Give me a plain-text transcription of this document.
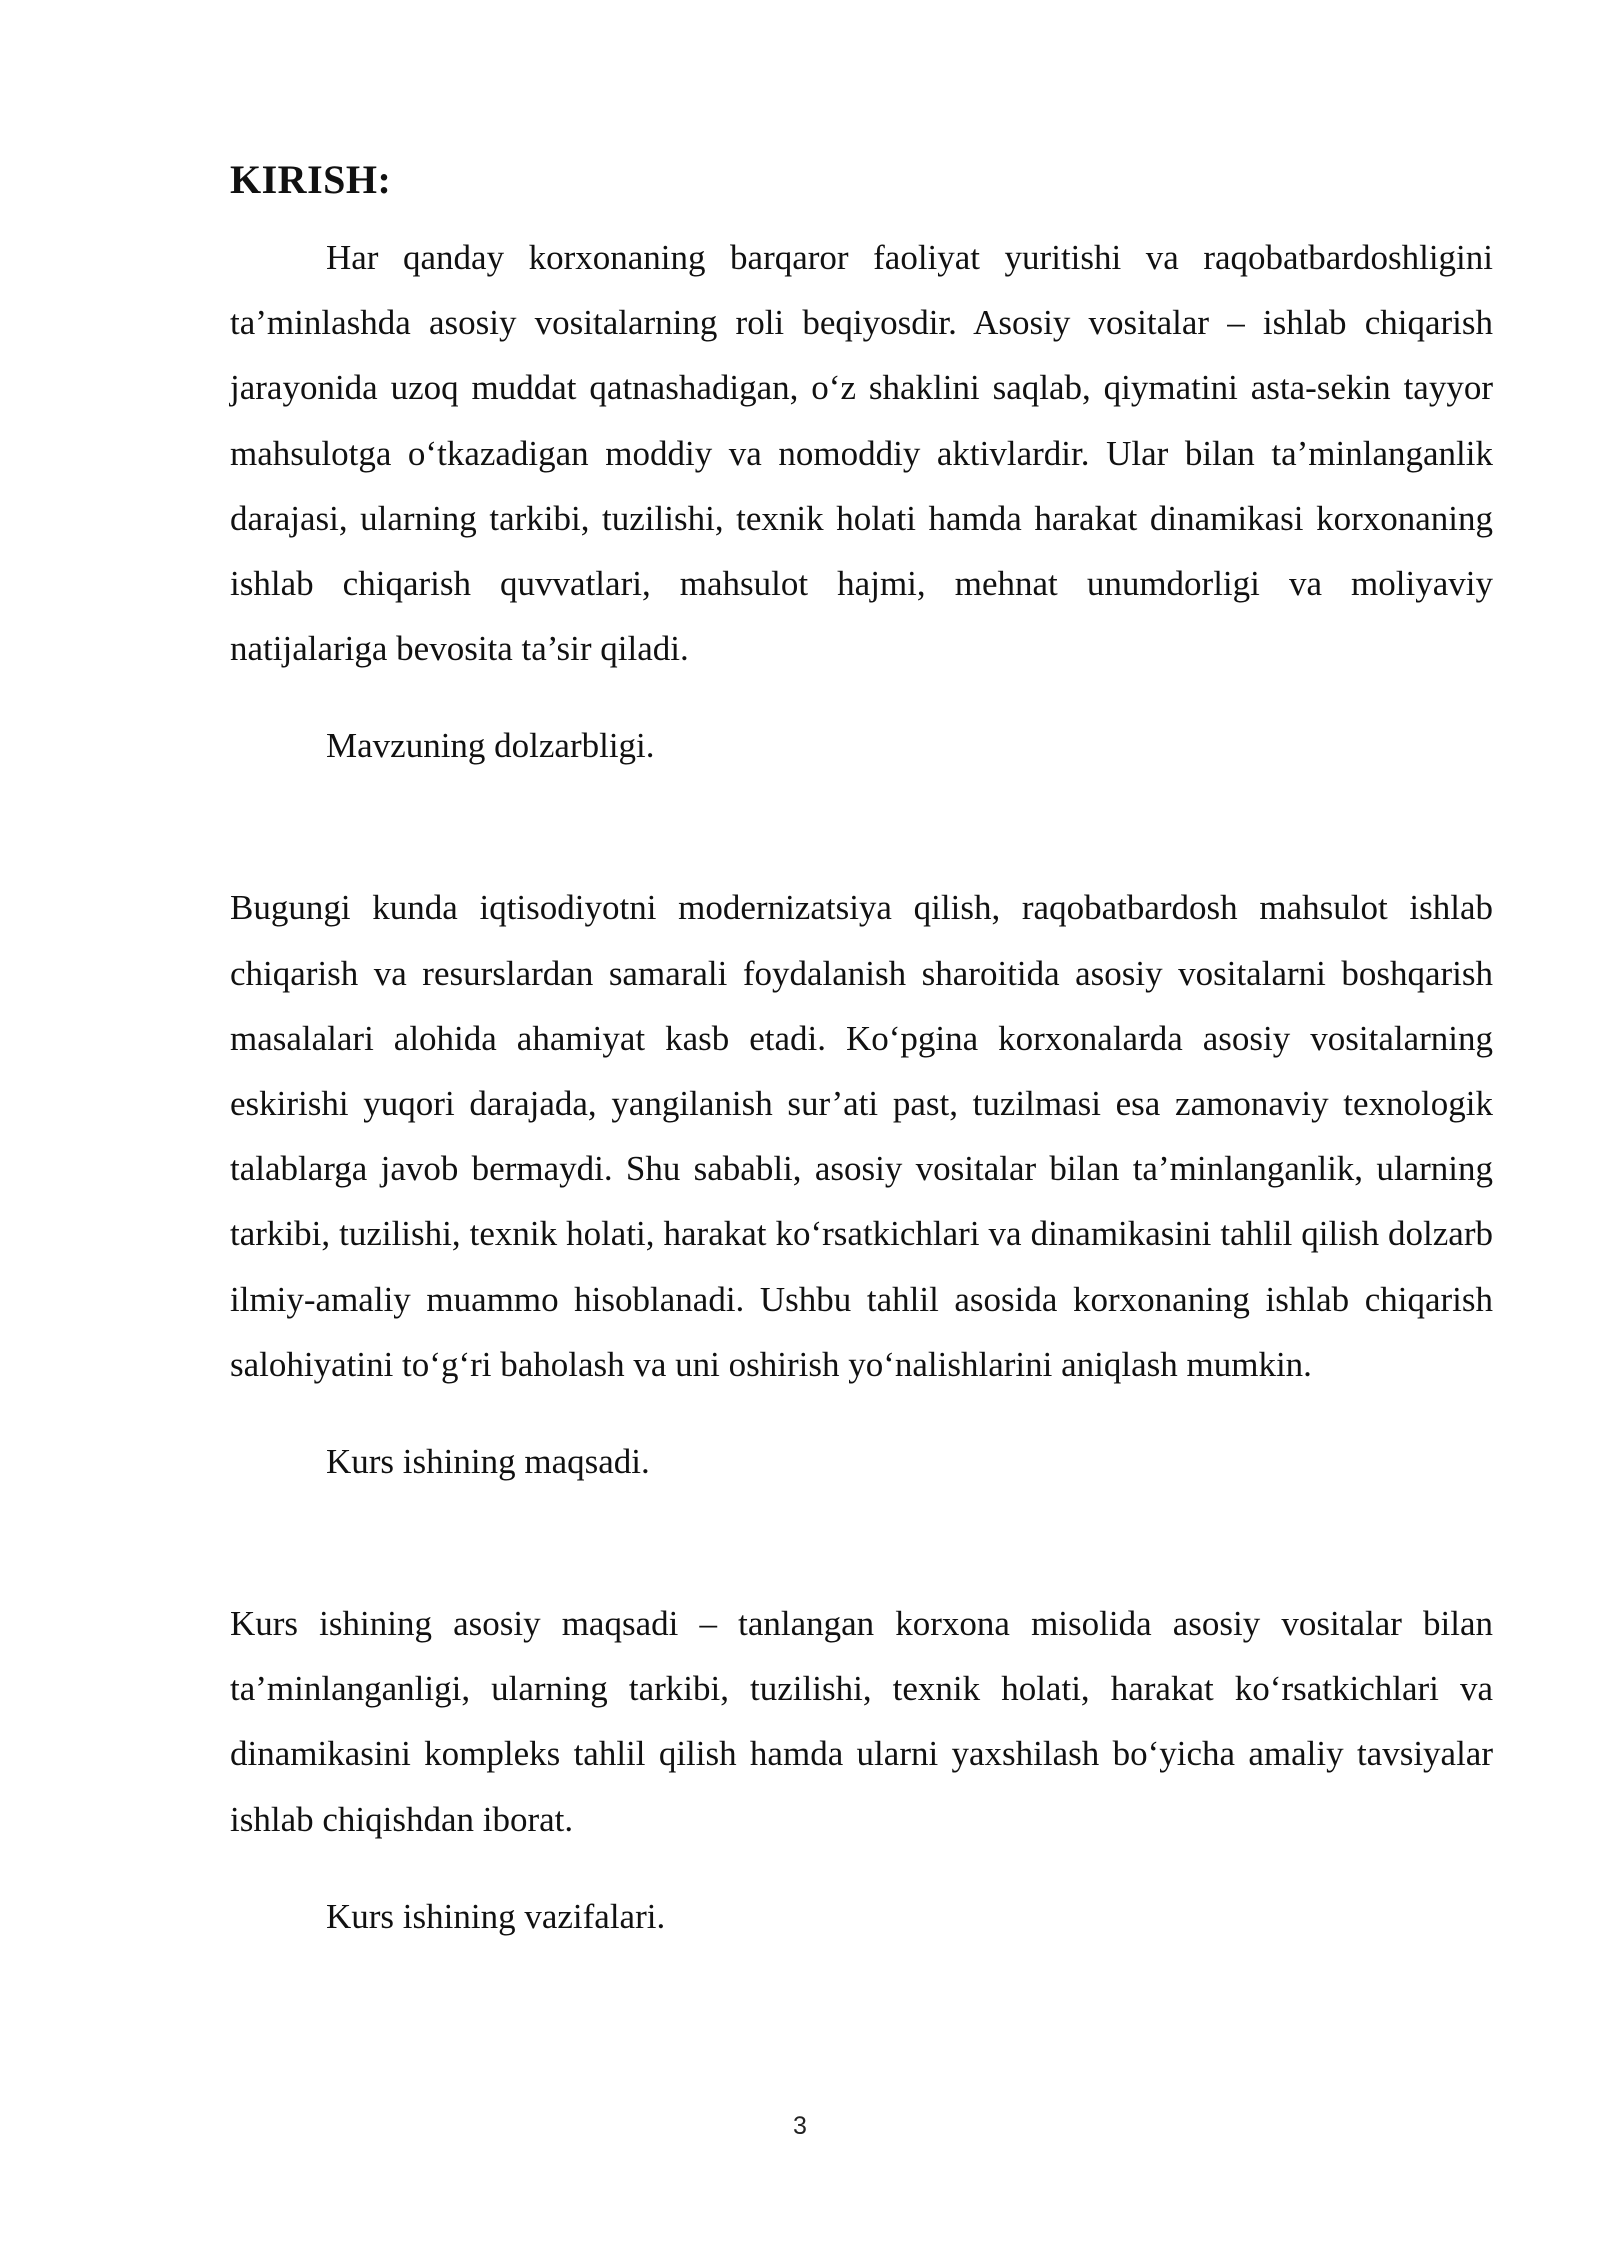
KIRISH:

Har qanday korxonaning barqaror faoliyat yuritishi va raqobatbardoshligini ta’minlashda asosiy vositalarning roli beqiyosdir. Asosiy vositalar – ishlab chiqarish jarayonida uzoq muddat qatnashadigan, o‘z shaklini saqlab, qiymatini asta-sekin tayyor mahsulotga o‘tkazadigan moddiy va nomoddiy aktivlardir. Ular bilan ta’minlanganlik darajasi, ularning tarkibi, tuzilishi, texnik holati hamda harakat dinamikasi korxonaning ishlab chiqarish quvvatlari, mahsulot hajmi, mehnat unumdorligi va moliyaviy natijalariga bevosita ta’sir qiladi.

Mavzuning dolzarbligi.

Bugungi kunda iqtisodiyotni modernizatsiya qilish, raqobatbardosh mahsulot ishlab chiqarish va resurslardan samarali foydalanish sharoitida asosiy vositalarni boshqarish masalalari alohida ahamiyat kasb etadi. Ko‘pgina korxonalarda asosiy vositalarning eskirishi yuqori darajada, yangilanish sur’ati past, tuzilmasi esa zamonaviy texnologik talablarga javob bermaydi. Shu sababli, asosiy vositalar bilan ta’minlanganlik, ularning tarkibi, tuzilishi, texnik holati, harakat ko‘rsatkichlari va dinamikasini tahlil qilish dolzarb ilmiy-amaliy muammo hisoblanadi. Ushbu tahlil asosida korxonaning ishlab chiqarish salohiyatini to‘g‘ri baholash va uni oshirish yo‘nalishlarini aniqlash mumkin.

Kurs ishining maqsadi.

Kurs ishining asosiy maqsadi – tanlangan korxona misolida asosiy vositalar bilan ta’minlanganligi, ularning tarkibi, tuzilishi, texnik holati, harakat ko‘rsatkichlari va dinamikasini kompleks tahlil qilish hamda ularni yaxshilash bo‘yicha amaliy tavsiyalar ishlab chiqishdan iborat.

Kurs ishining vazifalari.

3
